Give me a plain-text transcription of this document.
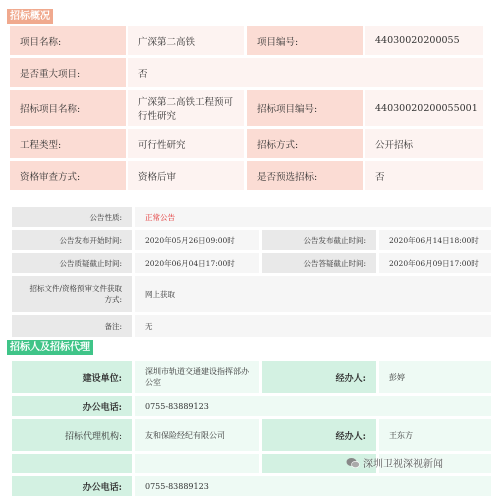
招标概况
项目名称:	广深第二高铁	项目编号:	44030020200055
是否重大项目:	否		
招标项目名称:	广深第二高铁工程预可行性研究	招标项目编号:	44030020200055001
工程类型:	可行性研究	招标方式:	公开招标
资格审查方式:	资格后审	是否预选招标:	否
公告性质:	正常公告		
公告发布开始时间:	2020年05月26日09:00时	公告发布截止时间:	2020年06月14日18:00时
公告质疑截止时间:	2020年06月04日17:00时	公告答疑截止时间:	2020年06月09日17:00时
招标文件/资格预审文件获取方式:	网上获取		
备注:	无		
招标人及招标代理
建设单位:	深圳市轨道交通建设指挥部办公室	经办人:	彭婷
办公电话:	0755-83889123		
招标代理机构:	友和保险经纪有限公司	经办人:	王东方

办公电话:	0755-83889123		
深圳卫视深视新闻
